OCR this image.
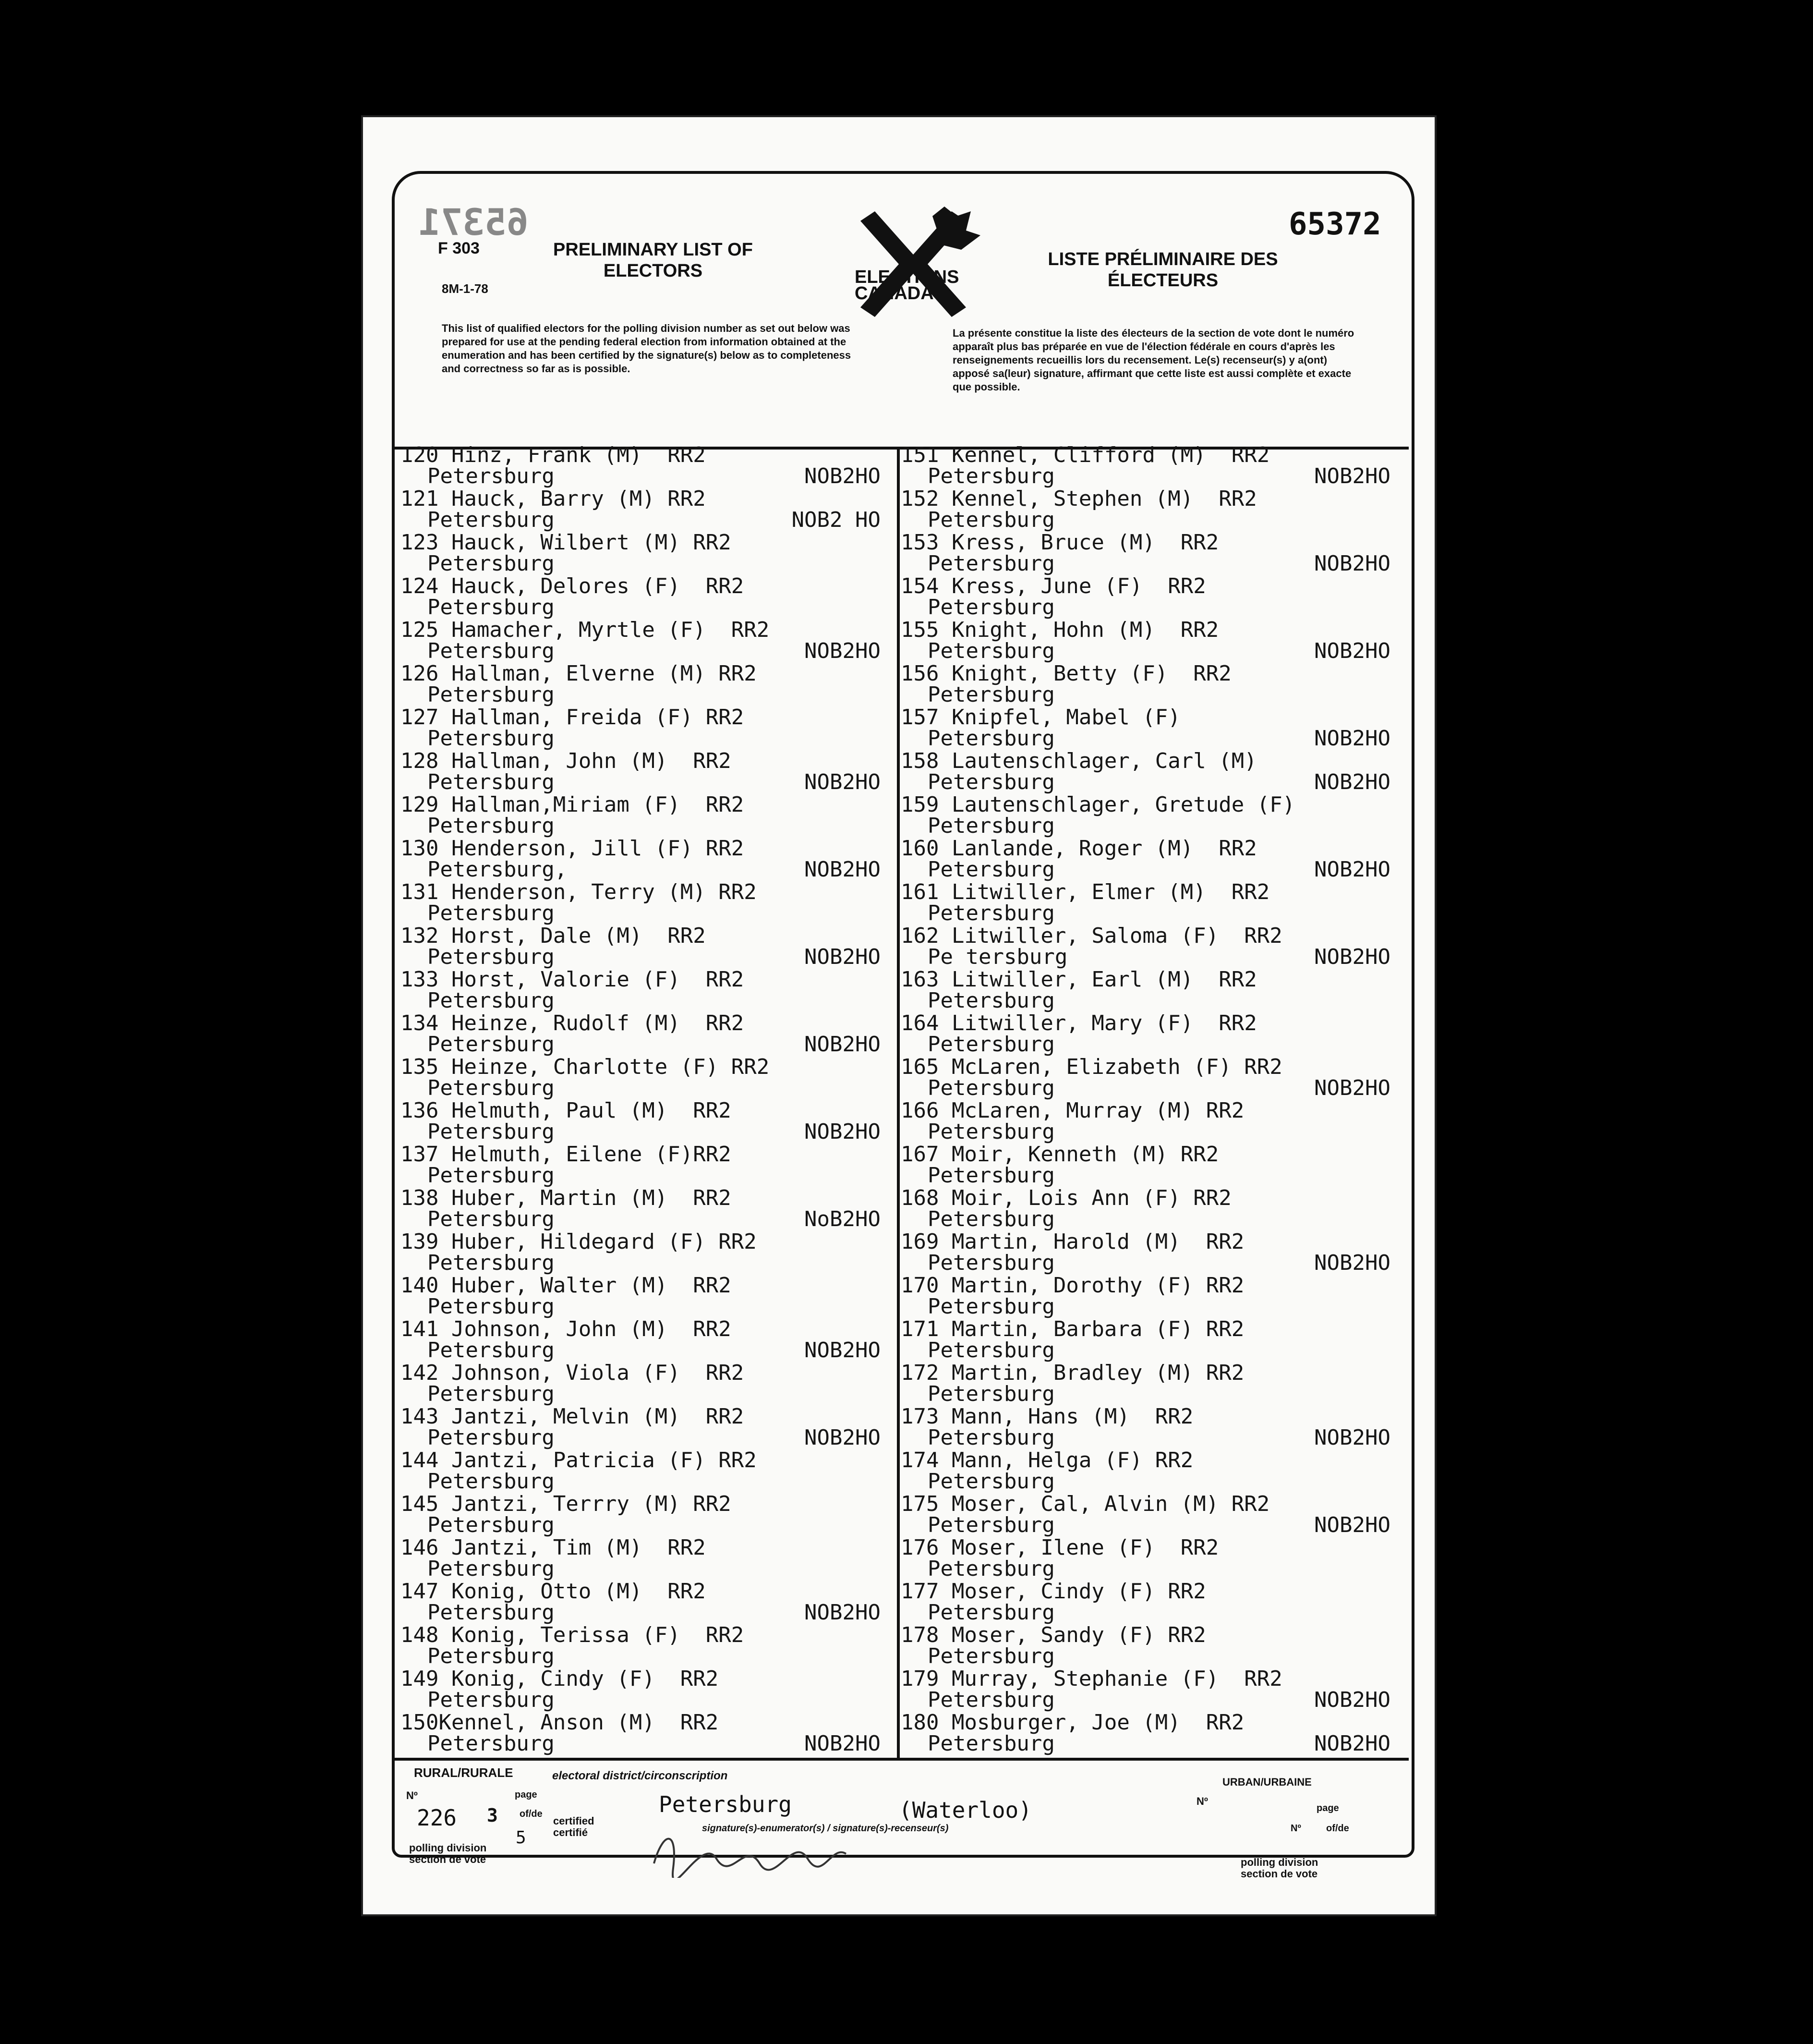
65371	65372
F 303
8M-1-78
PRELIMINARY LIST OF ELECTORS
LISTE PRÉLIMINAIRE DES ÉLECTEURS
ELECTIONS CANADA
This list of qualified electors for the polling division number as set out below was prepared for use at the pending federal election from information obtained at the enumeration and has been certified by the signature(s) below as to completeness and correctness so far as is possible.
La présente constitue la liste des électeurs de la section de vote dont le numéro apparaît plus bas préparée en vue de l'élection fédérale en cours d'après les renseignements recueillis lors du recensement. Le(s) recenseur(s) y a(ont) apposé sa(leur) signature, affirmant que cette liste est aussi complète et exacte que possible.
120 Hinz, Frank (M)  RR2
Petersburg	NOB2HO
121 Hauck, Barry (M) RR2
Petersburg	NOB2 HO
123 Hauck, Wilbert (M) RR2
Petersburg
124 Hauck, Delores (F)  RR2
Petersburg
125 Hamacher, Myrtle (F)  RR2
Petersburg	NOB2HO
126 Hallman, Elverne (M) RR2
Petersburg
127 Hallman, Freida (F) RR2
Petersburg
128 Hallman, John (M)  RR2
Petersburg	NOB2HO
129 Hallman,Miriam (F)  RR2
Petersburg
130 Henderson, Jill (F) RR2
Petersburg,	NOB2HO
131 Henderson, Terry (M) RR2
Petersburg
132 Horst, Dale (M)  RR2
Petersburg	NOB2HO
133 Horst, Valorie (F)  RR2
Petersburg
134 Heinze, Rudolf (M)  RR2
Petersburg	NOB2HO
135 Heinze, Charlotte (F) RR2
Petersburg
136 Helmuth, Paul (M)  RR2
Petersburg	NOB2HO
137 Helmuth, Eilene (F)RR2
Petersburg
138 Huber, Martin (M)  RR2
Petersburg	NoB2HO
139 Huber, Hildegard (F) RR2
Petersburg
140 Huber, Walter (M)  RR2
Petersburg
141 Johnson, John (M)  RR2
Petersburg	NOB2HO
142 Johnson, Viola (F)  RR2
Petersburg
143 Jantzi, Melvin (M)  RR2
Petersburg	NOB2HO
144 Jantzi, Patricia (F) RR2
Petersburg
145 Jantzi, Terrry (M) RR2
Petersburg
146 Jantzi, Tim (M)  RR2
Petersburg
147 Konig, Otto (M)  RR2
Petersburg	NOB2HO
148 Konig, Terissa (F)  RR2
Petersburg
149 Konig, Cindy (F)  RR2
Petersburg
150Kennel, Anson (M)  RR2
Petersburg	NOB2HO
151 Kennel, Clifford (M)  RR2
Petersburg	NOB2HO
152 Kennel, Stephen (M)  RR2
Petersburg
153 Kress, Bruce (M)  RR2
Petersburg	NOB2HO
154 Kress, June (F)  RR2
Petersburg
155 Knight, Hohn (M)  RR2
Petersburg	NOB2HO
156 Knight, Betty (F)  RR2
Petersburg
157 Knipfel, Mabel (F)
Petersburg	NOB2HO
158 Lautenschlager, Carl (M)
Petersburg	NOB2HO
159 Lautenschlager, Gretude (F)
Petersburg
160 Lanlande, Roger (M)  RR2
Petersburg	NOB2HO
161 Litwiller, Elmer (M)  RR2
Petersburg
162 Litwiller, Saloma (F)  RR2
Pe tersburg	NOB2HO
163 Litwiller, Earl (M)  RR2
Petersburg
164 Litwiller, Mary (F)  RR2
Petersburg
165 McLaren, Elizabeth (F) RR2
Petersburg	NOB2HO
166 McLaren, Murray (M) RR2
Petersburg
167 Moir, Kenneth (M) RR2
Petersburg
168 Moir, Lois Ann (F) RR2
Petersburg
169 Martin, Harold (M)  RR2
Petersburg	NOB2HO
170 Martin, Dorothy (F) RR2
Petersburg
171 Martin, Barbara (F) RR2
Petersburg
172 Martin, Bradley (M) RR2
Petersburg
173 Mann, Hans (M)  RR2
Petersburg	NOB2HO
174 Mann, Helga (F) RR2
Petersburg
175 Moser, Cal, Alvin (M) RR2
Petersburg	NOB2HO
176 Moser, Ilene (F)  RR2
Petersburg
177 Moser, Cindy (F) RR2
Petersburg
178 Moser, Sandy (F) RR2
Petersburg
179 Murray, Stephanie (F)  RR2
Petersburg	NOB2HO
180 Mosburger, Joe (M)  RR2
Petersburg	NOB2HO
RURAL/RURALE	electoral district/circonscription
Nº	page
226 3 of/de
5
certified certifié
Petersburg	(Waterloo)
signature(s)-enumerator(s) / signature(s)-recenseur(s)
polling division section de vote
URBAN/URBAINE
Nº
page
Nº	of/de
polling division section de vote
